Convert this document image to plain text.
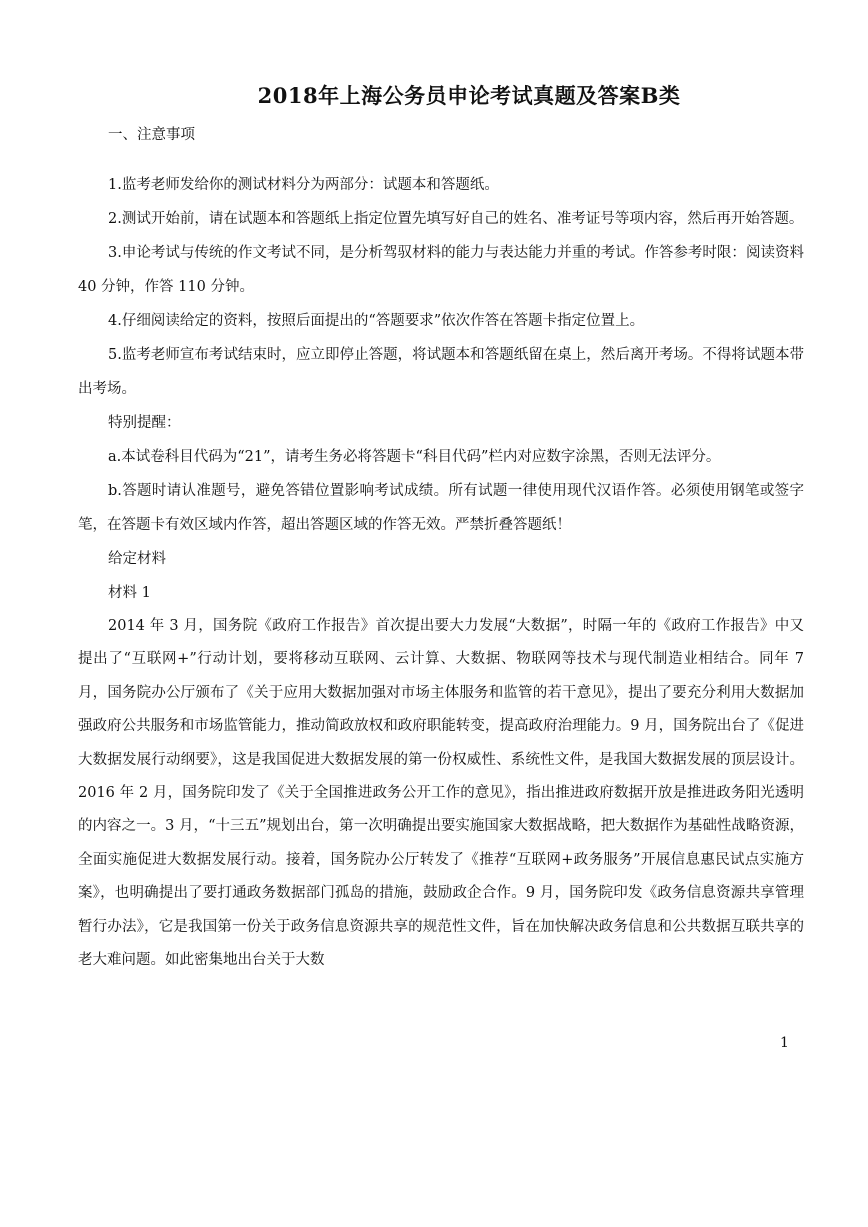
2018年上海公务员申论考试真题及答案B类
一、注意事项

1.监考老师发给你的测试材料分为两部分：试题本和答题纸。

2.测试开始前，请在试题本和答题纸上指定位置先填写好自己的姓名、准考证号等项内容，然后再开始答题。

3.申论考试与传统的作文考试不同，是分析驾驭材料的能力与表达能力并重的考试。作答参考时限：阅读资料 40 分钟，作答 110 分钟。

4.仔细阅读给定的资料，按照后面提出的“答题要求”依次作答在答题卡指定位置上。

5.监考老师宣布考试结束时，应立即停止答题，将试题本和答题纸留在桌上，然后离开考场。不得将试题本带出考场。

特别提醒：

a.本试卷科目代码为“21”，请考生务必将答题卡“科目代码”栏内对应数字涂黑，否则无法评分。

b.答题时请认准题号，避免答错位置影响考试成绩。所有试题一律使用现代汉语作答。必须使用钢笔或签字笔，在答题卡有效区域内作答，超出答题区域的作答无效。严禁折叠答题纸！

给定材料

材料 1

2014 年 3 月，国务院《政府工作报告》首次提出要大力发展“大数据”，时隔一年的《政府工作报告》中又提出了“互联网+”行动计划，要将移动互联网、云计算、大数据、物联网等技术与现代制造业相结合。同年 7 月，国务院办公厅颁布了《关于应用大数据加强对市场主体服务和监管的若干意见》，提出了要充分利用大数据加强政府公共服务和市场监管能力，推动简政放权和政府职能转变，提高政府治理能力。9 月，国务院出台了《促进大数据发展行动纲要》，这是我国促进大数据发展的第一份权威性、系统性文件，是我国大数据发展的顶层设计。2016 年 2 月，国务院印发了《关于全国推进政务公开工作的意见》，指出推进政府数据开放是推进政务阳光透明的内容之一。3 月，“十三五”规划出台，第一次明确提出要实施国家大数据战略，把大数据作为基础性战略资源，全面实施促进大数据发展行动。接着，国务院办公厅转发了《推荐“互联网+政务服务”开展信息惠民试点实施方案》，也明确提出了要打通政务数据部门孤岛的措施，鼓励政企合作。9 月，国务院印发《政务信息资源共享管理暂行办法》，它是我国第一份关于政务信息资源共享的规范性文件，旨在加快解决政务信息和公共数据互联共享的老大难问题。如此密集地出台关于大数

1
